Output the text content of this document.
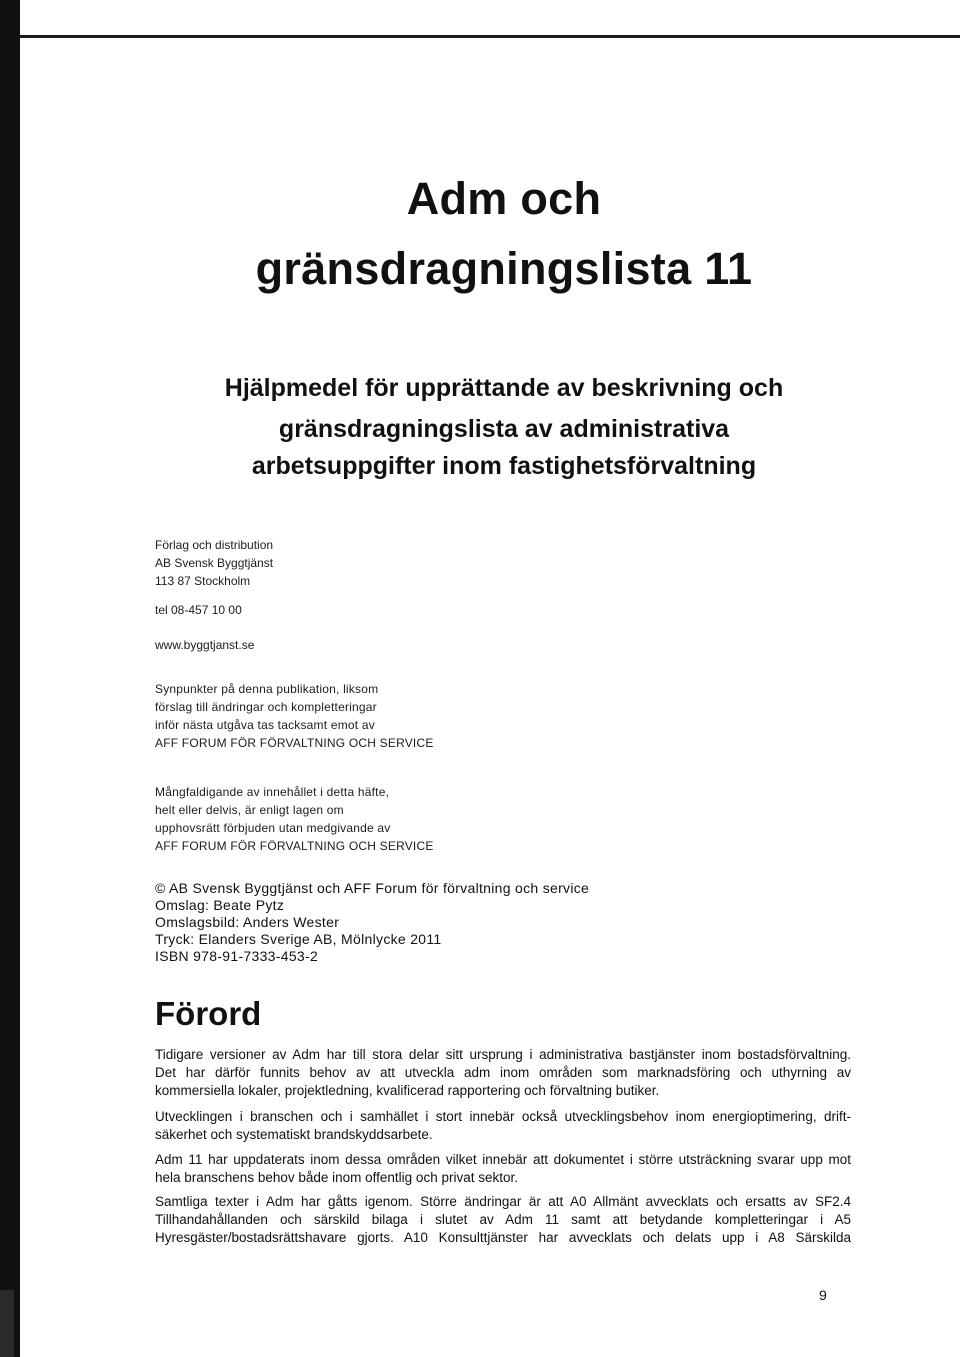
Adm och
gränsdragningslista 11
Hjälpmedel för upprättande av beskrivning och
gränsdragningslista av administrativa
arbetsuppgifter inom fastighetsförvaltning
Förlag och distribution
AB Svensk Byggtjänst
113 87 Stockholm
tel 08-457 10 00
www.byggtjanst.se
Synpunkter på denna publikation, liksom
förslag till ändringar och kompletteringar
inför nästa utgåva tas tacksamt emot av
AFF FORUM FÖR FÖRVALTNING OCH SERVICE
Mångfaldigande av innehållet i detta häfte,
helt eller delvis, är enligt lagen om
upphovsrätt förbjuden utan medgivande av
AFF FORUM FÖR FÖRVALTNING OCH SERVICE
© AB Svensk Byggtjänst och AFF Forum för förvaltning och service
Omslag: Beate Pytz
Omslagsbild: Anders Wester
Tryck: Elanders Sverige AB, Mölnlycke 2011
ISBN 978-91-7333-453-2
Förord
Tidigare versioner av Adm har till stora delar sitt ursprung i administrativa bastjänster inom bostadsförvaltning.
Det har därför funnits behov av att utveckla adm inom områden som marknadsföring och uthyrning av
kommersiella lokaler, projektledning, kvalificerad rapportering och förvaltning butiker.
Utvecklingen i branschen och i samhället i stort innebär också utvecklingsbehov inom energioptimering, drift-
säkerhet och systematiskt brandskyddsarbete.
Adm 11 har uppdaterats inom dessa områden vilket innebär att dokumentet i större utsträckning svarar upp mot
hela branschens behov både inom offentlig och privat sektor.
Samtliga texter i Adm har gåtts igenom. Större ändringar är att A0 Allmänt avvecklats och ersatts av SF2.4
Tillhandahållanden och särskild bilaga i slutet av Adm 11 samt att betydande kompletteringar i A5
Hyresgäster/bostadsrättshavare gjorts. A10 Konsulttjänster har avvecklats och delats upp i A8 Särskilda
9
